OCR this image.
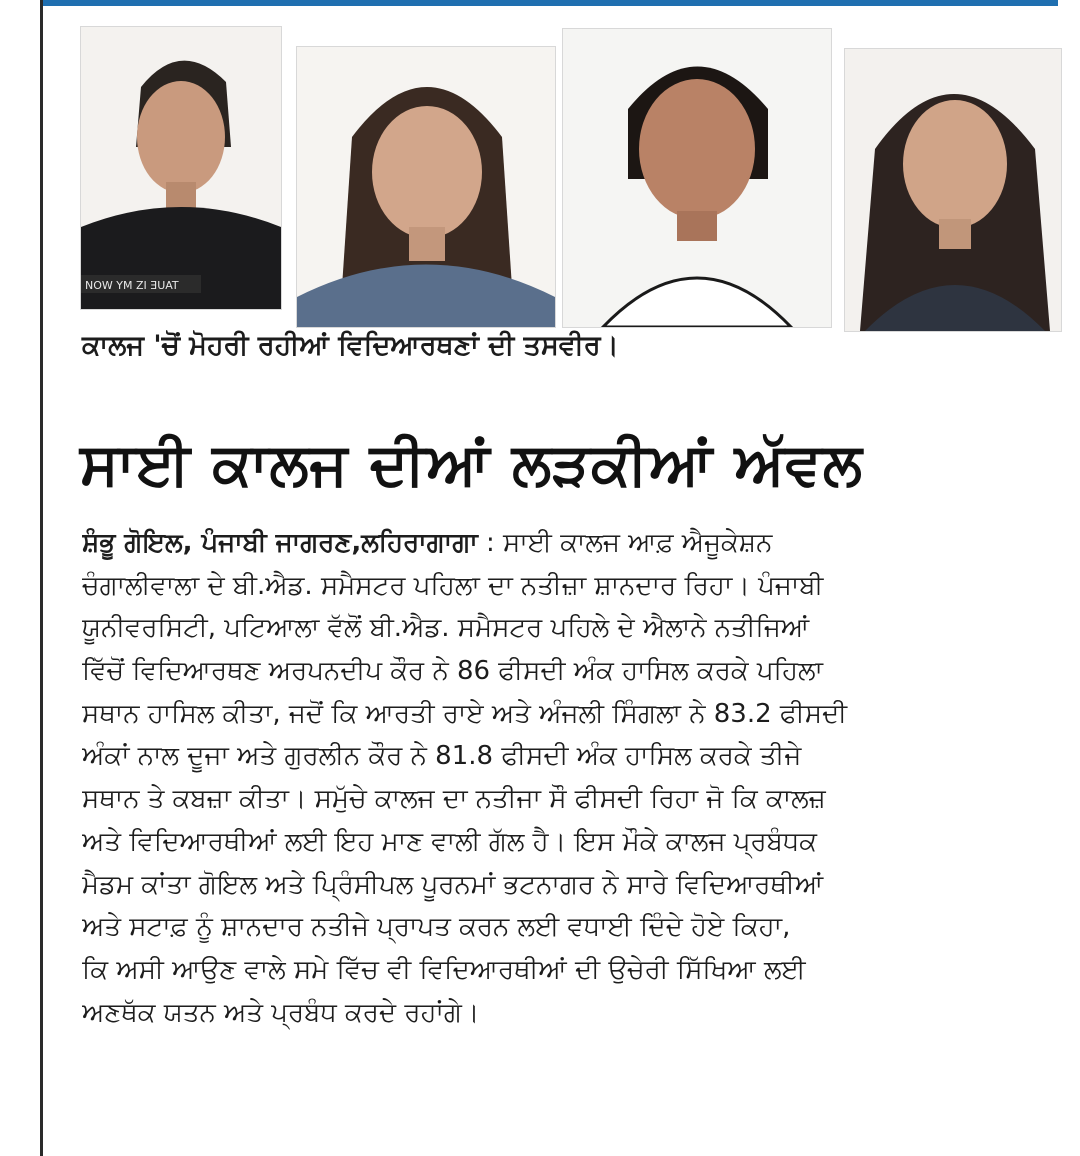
NOW YM ZI ƎUAT
ਕਾਲਜ 'ਚੋਂ ਮੋਹਰੀ ਰਹੀਆਂ ਵਿਦਿਆਰਥਣਾਂ ਦੀ ਤਸਵੀਰ।
ਸਾਈ ਕਾਲਜ ਦੀਆਂ ਲੜਕੀਆਂ ਅੱਵਲ
ਸ਼ੰਭੂ ਗੋਇਲ, ਪੰਜਾਬੀ ਜਾਗਰਣ,ਲਹਿਰਾਗਾਗਾ : ਸਾਈ ਕਾਲਜ ਆਫ਼ ਐਜੂਕੇਸ਼ਨ
ਚੰਗਾਲੀਵਾਲਾ ਦੇ ਬੀ.ਐਡ. ਸਮੈਸਟਰ ਪਹਿਲਾ ਦਾ ਨਤੀਜ਼ਾ ਸ਼ਾਨਦਾਰ ਰਿਹਾ। ਪੰਜਾਬੀ
ਯੂਨੀਵਰਸਿਟੀ, ਪਟਿਆਲਾ ਵੱਲੋਂ ਬੀ.ਐਡ. ਸਮੈਸਟਰ ਪਹਿਲੇ ਦੇ ਐਲਾਨੇ ਨਤੀਜਿਆਂ
ਵਿੱਚੋਂ ਵਿਦਿਆਰਥਣ ਅਰਪਨਦੀਪ ਕੌਰ ਨੇ 86 ਫੀਸਦੀ ਅੰਕ ਹਾਸਿਲ ਕਰਕੇ ਪਹਿਲਾ
ਸਥਾਨ ਹਾਸਿਲ ਕੀਤਾ, ਜਦੋਂ ਕਿ ਆਰਤੀ ਰਾਏ ਅਤੇ ਅੰਜਲੀ ਸਿੰਗਲਾ ਨੇ 83.2 ਫੀਸਦੀ
ਅੰਕਾਂ ਨਾਲ ਦੂਜਾ ਅਤੇ ਗੁਰਲੀਨ ਕੌਰ ਨੇ 81.8 ਫੀਸਦੀ ਅੰਕ ਹਾਸਿਲ ਕਰਕੇ ਤੀਜੇ
ਸਥਾਨ ਤੇ ਕਬਜ਼ਾ ਕੀਤਾ। ਸਮੁੱਚੇ ਕਾਲਜ ਦਾ ਨਤੀਜਾ ਸੌ ਫੀਸਦੀ ਰਿਹਾ ਜੋ ਕਿ ਕਾਲਜ਼
ਅਤੇ ਵਿਦਿਆਰਥੀਆਂ ਲਈ ਇਹ ਮਾਣ ਵਾਲੀ ਗੱਲ ਹੈ। ਇਸ ਮੌਕੇ ਕਾਲਜ ਪ੍ਰਬੰਧਕ
ਮੈਡਮ ਕਾਂਤਾ ਗੋਇਲ ਅਤੇ ਪ੍ਰਿੰਸੀਪਲ ਪੂਰਨਮਾਂ ਭਟਨਾਗਰ ਨੇ ਸਾਰੇ ਵਿਦਿਆਰਥੀਆਂ
ਅਤੇ ਸਟਾਫ਼ ਨੂੰ ਸ਼ਾਨਦਾਰ ਨਤੀਜੇ ਪ੍ਰਾਪਤ ਕਰਨ ਲਈ ਵਧਾਈ ਦਿੰਦੇ ਹੋਏ ਕਿਹਾ,
ਕਿ ਅਸੀ ਆਉਣ ਵਾਲੇ ਸਮੇ ਵਿੱਚ ਵੀ ਵਿਦਿਆਰਥੀਆਂ ਦੀ ਉਚੇਰੀ ਸਿੱਖਿਆ ਲਈ
ਅਣਥੱਕ ਯਤਨ ਅਤੇ ਪ੍ਰਬੰਧ ਕਰਦੇ ਰਹਾਂਗੇ।
